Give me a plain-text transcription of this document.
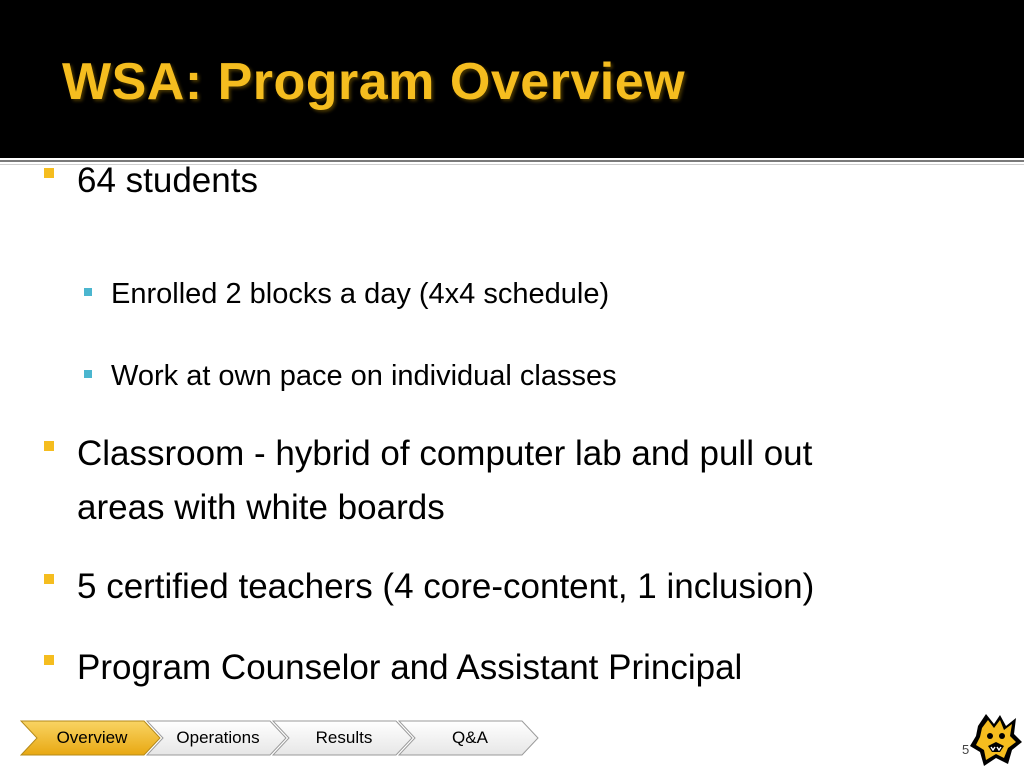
WSA: Program Overview
64 students
Enrolled 2 blocks a day (4x4 schedule)
Work at own pace on individual classes
Classroom - hybrid of computer lab and pull out
areas with white boards
5 certified teachers (4 core-content, 1 inclusion)
Program Counselor and Assistant Principal
Overview	Operations	Results	Q&A
5
